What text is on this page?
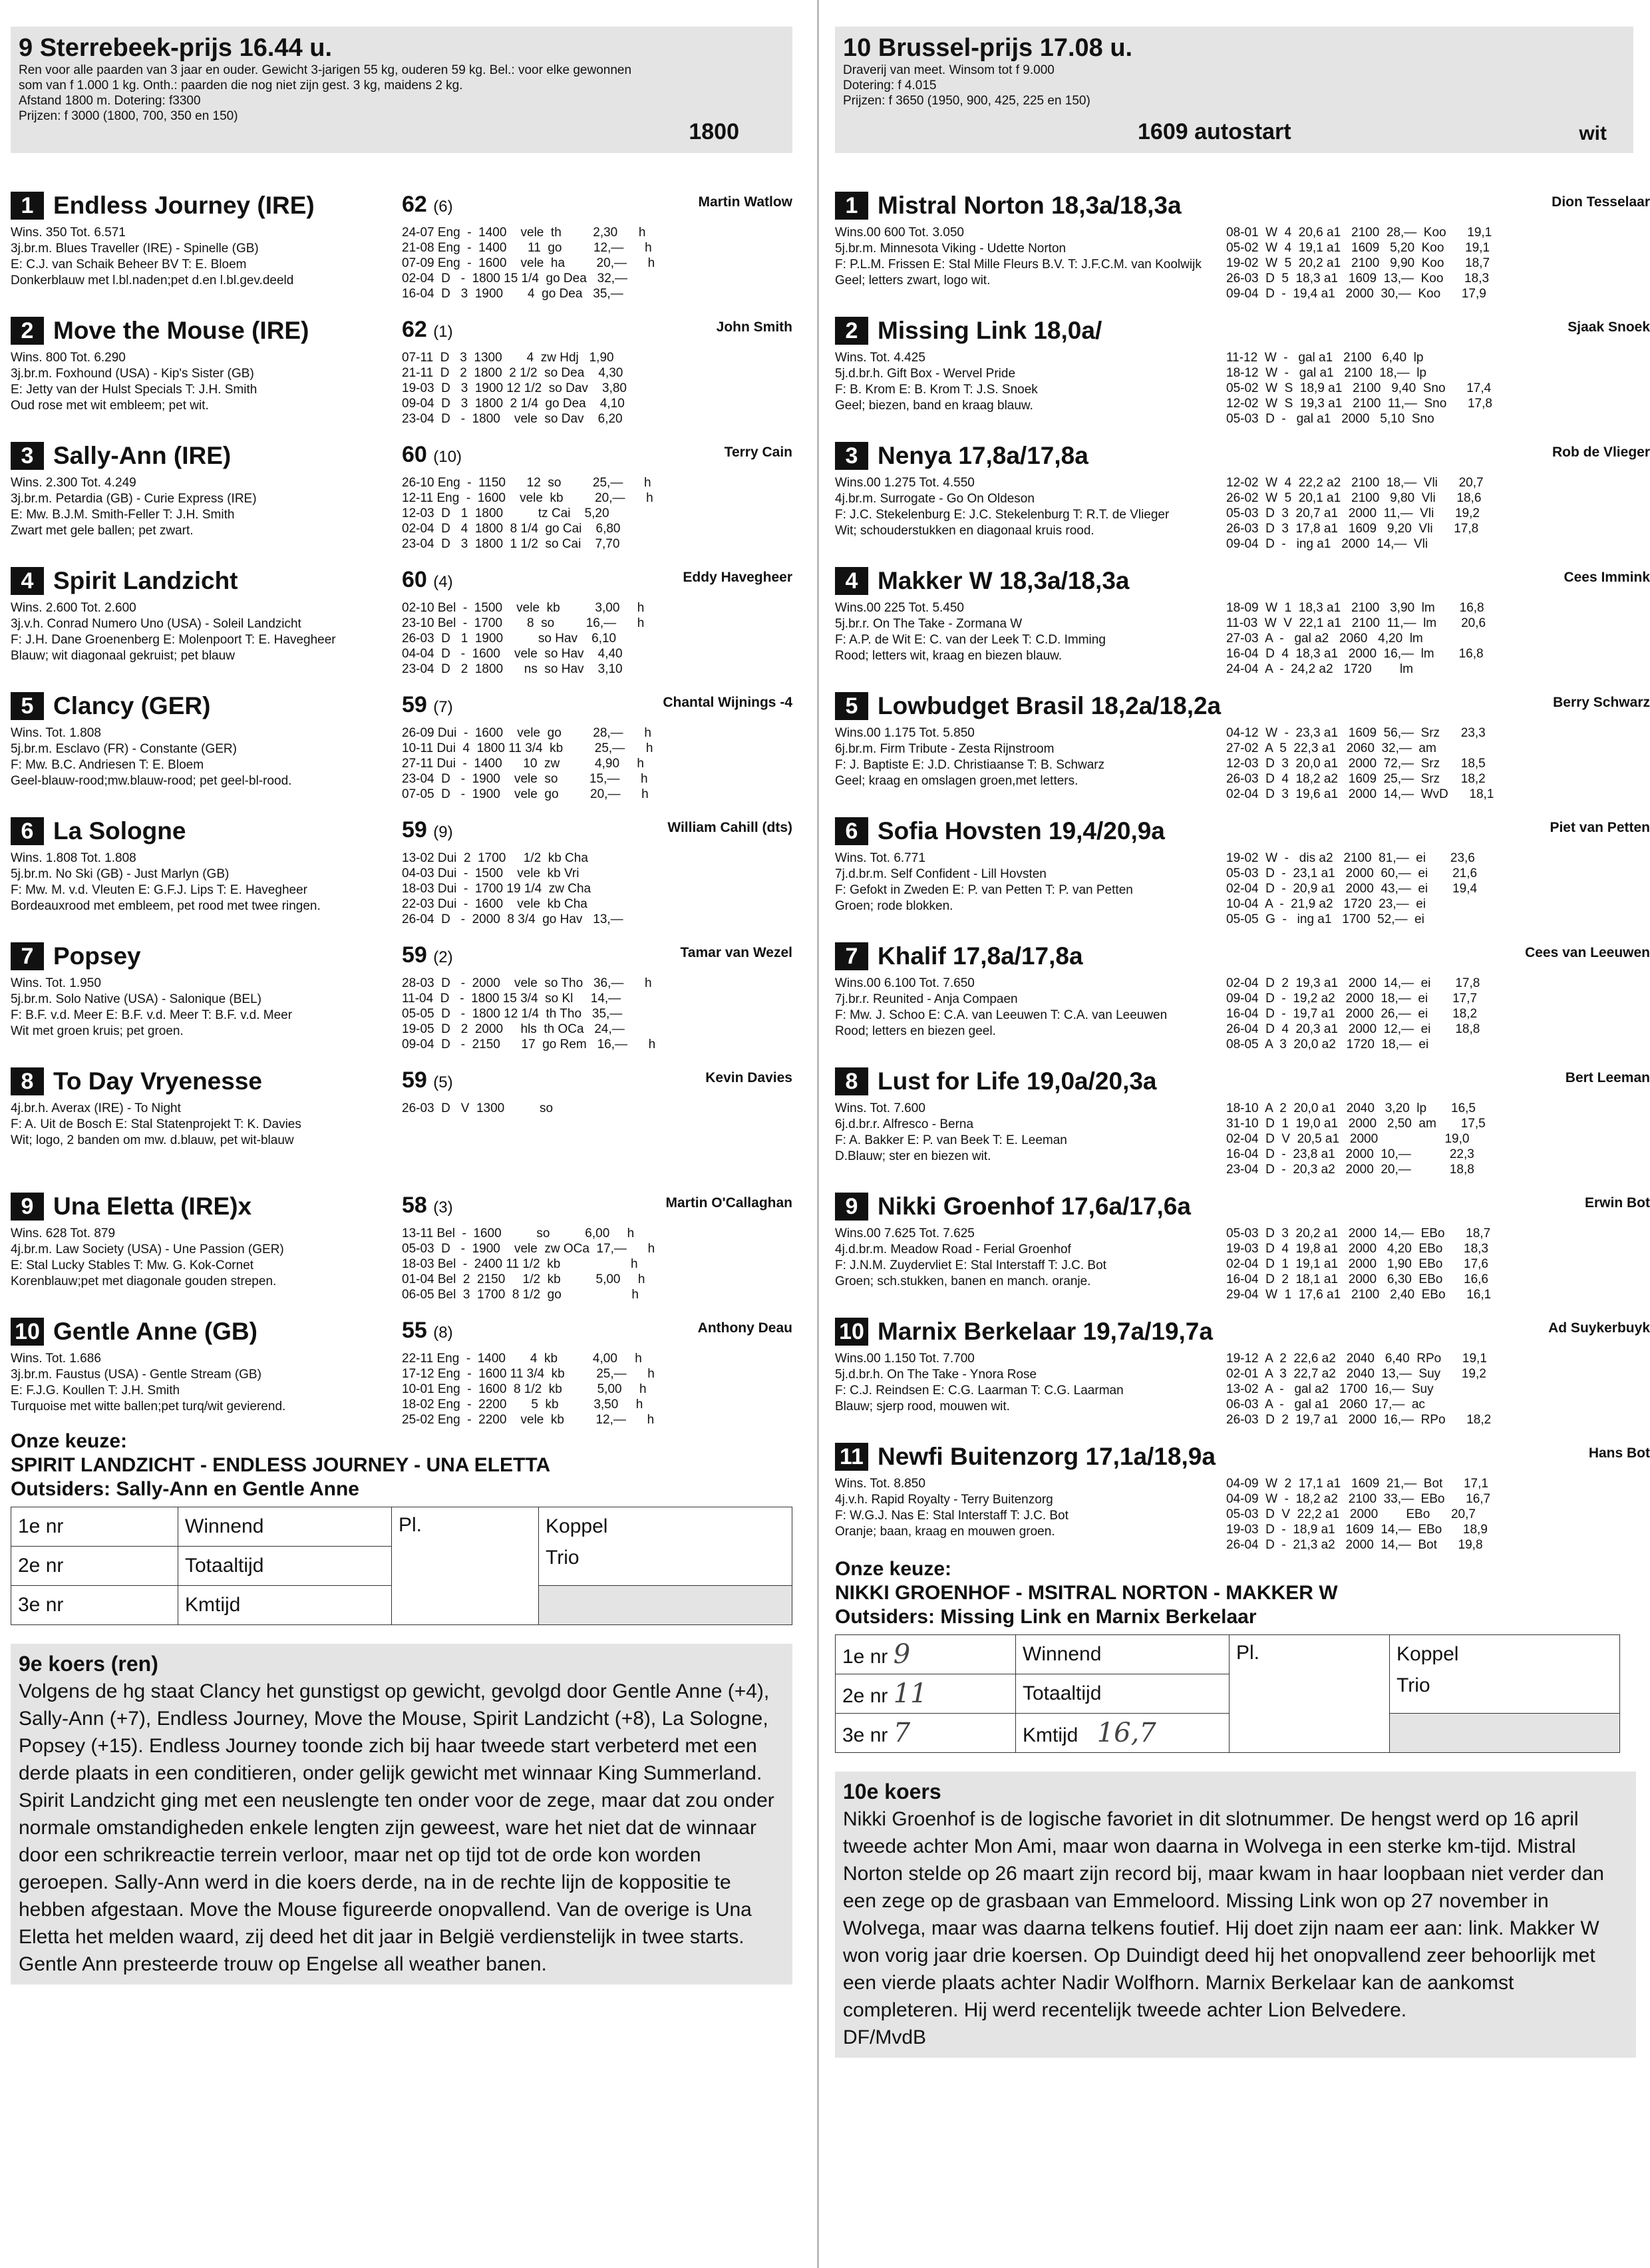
9 Sterrebeek-prijs 16.44 u.
Ren voor alle paarden van 3 jaar en ouder. Gewicht 3-jarigen 55 kg, ouderen 59 kg. Bel.: voor elke gewonnen
som van f 1.000 1 kg. Onth.: paarden die nog niet zijn gest. 3 kg, maidens 2 kg.
Afstand 1800 m. Dotering: f3300
Prijzen: f 3000 (1800, 700, 350 en 150)
1800
1 Endless Journey (IRE)	62 (6)	Martin Watlow
Wins. 350 Tot. 6.571
3j.br.m. Blues Traveller (IRE) - Spinelle (GB)
E: C.J. van Schaik Beheer BV T: E. Bloem
Donkerblauw met l.bl.naden;pet d.en l.bl.gev.deeld
24-07 Eng  -  1400    vele  th         2,30      h
21-08 Eng  -  1400      11  go         12,—      h
07-09 Eng  -  1600    vele  ha         20,—      h
02-04  D   -  1800 15 1/4  go Dea   32,—
16-04  D   3  1900       4  go Dea   35,—
2 Move the Mouse (IRE)	62 (1)	John Smith
Wins. 800 Tot. 6.290
3j.br.m. Foxhound (USA) - Kip's Sister (GB)
E: Jetty van der Hulst Specials T: J.H. Smith
Oud rose met wit embleem; pet wit.
07-11  D   3  1300       4  zw Hdj   1,90
21-11  D   2  1800  2 1/2  so Dea    4,30
19-03  D   3  1900 12 1/2  so Dav    3,80
09-04  D   3  1800  2 1/4  go Dea    4,10
23-04  D   -  1800    vele  so Dav    6,20
3 Sally-Ann (IRE)	60 (10)	Terry Cain
Wins. 2.300 Tot. 4.249
3j.br.m. Petardia (GB) - Curie Express (IRE)
E: Mw. B.J.M. Smith-Feller T: J.H. Smith
Zwart met gele ballen; pet zwart.
26-10 Eng  -  1150      12  so         25,—      h
12-11 Eng  -  1600    vele  kb         20,—      h
12-03  D   1  1800          tz Cai    5,20
02-04  D   4  1800  8 1/4  go Cai    6,80
23-04  D   3  1800  1 1/2  so Cai    7,70
4 Spirit Landzicht	60 (4)	Eddy Havegheer
Wins. 2.600 Tot. 2.600
3j.v.h. Conrad Numero Uno (USA) - Soleil Landzicht
F: J.H. Dane Groenenberg E: Molenpoort T: E. Havegheer
Blauw; wit diagonaal gekruist; pet blauw
02-10 Bel  -  1500    vele  kb          3,00     h
23-10 Bel  -  1700       8  so         16,—      h
26-03  D   1  1900          so Hav    6,10
04-04  D   -  1600    vele  so Hav    4,40
23-04  D   2  1800      ns  so Hav    3,10
5 Clancy (GER)	59 (7)	Chantal Wijnings -4
Wins. Tot. 1.808
5j.br.m. Esclavo (FR) - Constante (GER)
F: Mw. B.C. Andriesen T: E. Bloem
Geel-blauw-rood;mw.blauw-rood; pet geel-bl-rood.
26-09 Dui  -  1600    vele  go         28,—      h
10-11 Dui  4  1800 11 3/4  kb         25,—      h
27-11 Dui  -  1400      10  zw          4,90     h
23-04  D   -  1900    vele  so         15,—      h
07-05  D   -  1900    vele  go         20,—      h
6 La Sologne	59 (9)	William Cahill (dts)
Wins. 1.808 Tot. 1.808
5j.br.m. No Ski (GB) - Just Marlyn (GB)
F: Mw. M. v.d. Vleuten E: G.F.J. Lips T: E. Havegheer
Bordeauxrood met embleem, pet rood met twee ringen.
13-02 Dui  2  1700     1/2  kb Cha
04-03 Dui  -  1500    vele  kb Vri
18-03 Dui  -  1700 19 1/4  zw Cha
22-03 Dui  -  1600    vele  kb Cha
26-04  D   -  2000  8 3/4  go Hav   13,—
7 Popsey	59 (2)	Tamar van Wezel
Wins. Tot. 1.950
5j.br.m. Solo Native (USA) - Salonique (BEL)
F: B.F. v.d. Meer E: B.F. v.d. Meer T: B.F. v.d. Meer
Wit met groen kruis; pet groen.
28-03  D   -  2000    vele  so Tho   36,—      h
11-04  D   -  1800 15 3/4  so Kl     14,—
05-05  D   -  1800 12 1/4  th Tho   35,—
19-05  D   2  2000     hls  th OCa   24,—
09-04  D   -  2150      17  go Rem   16,—      h
8 To Day Vryenesse	59 (5)	Kevin Davies
4j.br.h. Averax (IRE) - To Night
F: A. Uit de Bosch E: Stal Statenprojekt T: K. Davies
Wit; logo, 2 banden om mw. d.blauw, pet wit-blauw
26-03  D   V  1300          so
9 Una Eletta (IRE)x	58 (3)	Martin O'Callaghan
Wins. 628 Tot. 879
4j.br.m. Law Society (USA) - Une Passion (GER)
E: Stal Lucky Stables T: Mw. G. Kok-Cornet
Korenblauw;pet met diagonale gouden strepen.
13-11 Bel  -  1600          so          6,00     h
05-03  D   -  1900    vele  zw OCa  17,—      h
18-03 Bel  -  2400 11 1/2  kb                    h
01-04 Bel  2  2150     1/2  kb          5,00     h
06-05 Bel  3  1700  8 1/2  go                    h
10 Gentle Anne (GB)	55 (8)	Anthony Deau
Wins. Tot. 1.686
3j.br.m. Faustus (USA) - Gentle Stream (GB)
E: F.J.G. Koullen T: J.H. Smith
Turquoise met witte ballen;pet turq/wit gevierend.
22-11 Eng  -  1400       4  kb          4,00     h
17-12 Eng  -  1600 11 3/4  kb         25,—      h
10-01 Eng  -  1600  8 1/2  kb          5,00     h
18-02 Eng  -  2200       5  kb          3,50     h
25-02 Eng  -  2200    vele  kb         12,—      h
Onze keuze:
SPIRIT LANDZICHT - ENDLESS JOURNEY - UNA ELETTA
Outsiders: Sally-Ann en Gentle Anne
1e nr	Winnend	Pl.	Koppel
2e nr	Totaaltijd		Trio
3e nr	Kmtijd		
9e koers (ren)
Volgens de hg staat Clancy het gunstigst op gewicht, gevolgd door Gentle Anne (+4), Sally-Ann (+7), Endless Journey, Move the Mouse, Spirit Landzicht (+8), La Sologne, Popsey (+15). Endless Journey toonde zich bij haar tweede start verbeterd met een derde plaats in een conditieren, onder gelijk gewicht met winnaar King Summerland. Spirit Landzicht ging met een neuslengte ten onder voor de zege, maar dat zou onder normale omstandigheden enkele lengten zijn geweest, ware het niet dat de winnaar door een schrikreactie terrein verloor, maar net op tijd tot de orde kon worden geroepen. Sally-Ann werd in die koers derde, na in de rechte lijn de koppositie te hebben afgestaan. Move the Mouse figureerde onopvallend. Van de overige is Una Eletta het melden waard, zij deed het dit jaar in België verdienstelijk in twee starts. Gentle Ann presteerde trouw op Engelse all weather banen.
10 Brussel-prijs 17.08 u.
Draverij van meet. Winsom tot f 9.000
Dotering: f 4.015
Prijzen: f 3650 (1950, 900, 425, 225 en 150)
1609 autostart	wit
1 Mistral Norton 18,3a/18,3a	Dion Tesselaar
Wins.00 600 Tot. 3.050
5j.br.m. Minnesota Viking - Udette Norton
F: P.L.M. Frissen E: Stal Mille Fleurs B.V. T: J.F.C.M. van Koolwijk
Geel; letters zwart, logo wit.
08-01  W  4  20,6 a1   2100  28,—  Koo      19,1
05-02  W  4  19,1 a1   1609   5,20  Koo      19,1
19-02  W  5  20,2 a1   2100   9,90  Koo      18,7
26-03  D  5  18,3 a1   1609  13,—  Koo      18,3
09-04  D  -  19,4 a1   2000  30,—  Koo      17,9
2 Missing Link 18,0a/	Sjaak Snoek
Wins. Tot. 4.425
5j.d.br.h. Gift Box - Wervel Pride
F: B. Krom E: B. Krom T: J.S. Snoek
Geel; biezen, band en kraag blauw.
11-12  W  -   gal a1   2100   6,40  lp
18-12  W  -   gal a1   2100  18,—  lp
05-02  W  S  18,9 a1   2100   9,40  Sno      17,4
12-02  W  S  19,3 a1   2100  11,—  Sno      17,8
05-03  D  -   gal a1   2000   5,10  Sno
3 Nenya 17,8a/17,8a	Rob de Vlieger
Wins.00 1.275 Tot. 4.550
4j.br.m. Surrogate - Go On Oldeson
F: J.C. Stekelenburg E: J.C. Stekelenburg T: R.T. de Vlieger
Wit; schouderstukken en diagonaal kruis rood.
12-02  W  4  22,2 a2   2100  18,—  Vli      20,7
26-02  W  5  20,1 a1   2100   9,80  Vli      18,6
05-03  D  3  20,7 a1   2000  11,—  Vli      19,2
26-03  D  3  17,8 a1   1609   9,20  Vli      17,8
09-04  D  -   ing a1   2000  14,—  Vli
4 Makker W 18,3a/18,3a	Cees Immink
Wins.00 225 Tot. 5.450
5j.br.r. On The Take - Zormana W
F: A.P. de Wit E: C. van der Leek T: C.D. Imming
Rood; letters wit, kraag en biezen blauw.
18-09  W  1  18,3 a1   2100   3,90  lm       16,8
11-03  W  V  22,1 a1   2100  11,—  lm       20,6
27-03  A  -   gal a2   2060   4,20  lm
16-04  D  4  18,3 a1   2000  16,—  lm       16,8
24-04  A  -  24,2 a2   1720        lm
5 Lowbudget Brasil 18,2a/18,2a	Berry Schwarz
Wins.00 1.175 Tot. 5.850
6j.br.m. Firm Tribute - Zesta Rijnstroom
F: J. Baptiste E: J.D. Christiaanse T: B. Schwarz
Geel; kraag en omslagen groen,met letters.
04-12  W  -  23,3 a1   1609  56,—  Srz      23,3
27-02  A  5  22,3 a1   2060  32,—  am
12-03  D  3  20,0 a1   2000  72,—  Srz      18,5
26-03  D  4  18,2 a2   1609  25,—  Srz      18,2
02-04  D  3  19,6 a1   2000  14,—  WvD      18,1
6 Sofia Hovsten 19,4/20,9a	Piet van Petten
Wins. Tot. 6.771
7j.d.br.m. Self Confident - Lill Hovsten
F: Gefokt in Zweden E: P. van Petten T: P. van Petten
Groen; rode blokken.
19-02  W  -   dis a2   2100  81,—  ei       23,6
05-03  D  -  23,1 a1   2000  60,—  ei       21,6
02-04  D  -  20,9 a1   2000  43,—  ei       19,4
10-04  A  -  21,9 a2   1720  23,—  ei
05-05  G  -   ing a1   1700  52,—  ei
7 Khalif 17,8a/17,8a	Cees van Leeuwen
Wins.00 6.100 Tot. 7.650
7j.br.r. Reunited - Anja Compaen
F: Mw. J. Schoo E: C.A. van Leeuwen T: C.A. van Leeuwen
Rood; letters en biezen geel.
02-04  D  2  19,3 a1   2000  14,—  ei       17,8
09-04  D  -  19,2 a2   2000  18,—  ei       17,7
16-04  D  -  19,7 a1   2000  26,—  ei       18,2
26-04  D  4  20,3 a1   2000  12,—  ei       18,8
08-05  A  3  20,0 a2   1720  18,—  ei
8 Lust for Life 19,0a/20,3a	Bert Leeman
Wins. Tot. 7.600
6j.d.br.r. Alfresco - Berna
F: A. Bakker E: P. van Beek T: E. Leeman
D.Blauw; ster en biezen wit.
18-10  A  2  20,0 a1   2040   3,20  lp       16,5
31-10  D  1  19,0 a1   2000   2,50  am       17,5
02-04  D  V  20,5 a1   2000                   19,0
16-04  D  -  23,8 a1   2000  10,—           22,3
23-04  D  -  20,3 a2   2000  20,—           18,8
9 Nikki Groenhof 17,6a/17,6a	Erwin Bot
Wins.00 7.625 Tot. 7.625
4j.d.br.m. Meadow Road - Ferial Groenhof
F: J.N.M. Zuydervliet E: Stal Interstaff T: J.C. Bot
Groen; sch.stukken, banen en manch. oranje.
05-03  D  3  20,2 a1   2000  14,—  EBo      18,7
19-03  D  4  19,8 a1   2000   4,20  EBo      18,3
02-04  D  1  19,1 a1   2000   1,90  EBo      17,6
16-04  D  2  18,1 a1   2000   6,30  EBo      16,6
29-04  W  1  17,6 a1   2100   2,40  EBo      16,1
10 Marnix Berkelaar 19,7a/19,7a	Ad Suykerbuyk
Wins.00 1.150 Tot. 7.700
5j.d.br.h. On The Take - Ynora Rose
F: C.J. Reindsen E: C.G. Laarman T: C.G. Laarman
Blauw; sjerp rood, mouwen wit.
19-12  A  2  22,6 a2   2040   6,40  RPo      19,1
02-01  A  3  22,7 a2   2040  13,—  Suy      19,2
13-02  A  -   gal a2   1700  16,—  Suy
06-03  A  -   gal a1   2060  17,—  ac
26-03  D  2  19,7 a1   2000  16,—  RPo      18,2
11 Newfi Buitenzorg 17,1a/18,9a	Hans Bot
Wins. Tot. 8.850
4j.v.h. Rapid Royalty - Terry Buitenzorg
F: W.G.J. Nas E: Stal Interstaff T: J.C. Bot
Oranje; baan, kraag en mouwen groen.
04-09  W  2  17,1 a1   1609  21,—  Bot      17,1
04-09  W  -  18,2 a2   2100  33,—  EBo      16,7
05-03  D  V  22,2 a1   2000        EBo      20,7
19-03  D  -  18,9 a1   1609  14,—  EBo      18,9
26-04  D  -  21,3 a2   2000  14,—  Bot      19,8
Onze keuze:
NIKKI GROENHOF - MSITRAL NORTON - MAKKER W
Outsiders: Missing Link en Marnix Berkelaar
1e nr 9	Winnend	Pl.	Koppel
2e nr 11	Totaaltijd		Trio
3e nr 7	Kmtijd 16,7		
10e koers
Nikki Groenhof is de logische favoriet in dit slotnummer. De hengst werd op 16 april tweede achter Mon Ami, maar won daarna in Wolvega in een sterke km-tijd. Mistral Norton stelde op 26 maart zijn record bij, maar kwam in haar loopbaan niet verder dan een zege op de grasbaan van Emmeloord. Missing Link won op 27 november in Wolvega, maar was daarna telkens foutief. Hij doet zijn naam eer aan: link. Makker W won vorig jaar drie koersen. Op Duindigt deed hij het onopvallend zeer behoorlijk met een vierde plaats achter Nadir Wolfhorn. Marnix Berkelaar kan de aankomst completeren. Hij werd recentelijk tweede achter Lion Belvedere.
DF/MvdB
